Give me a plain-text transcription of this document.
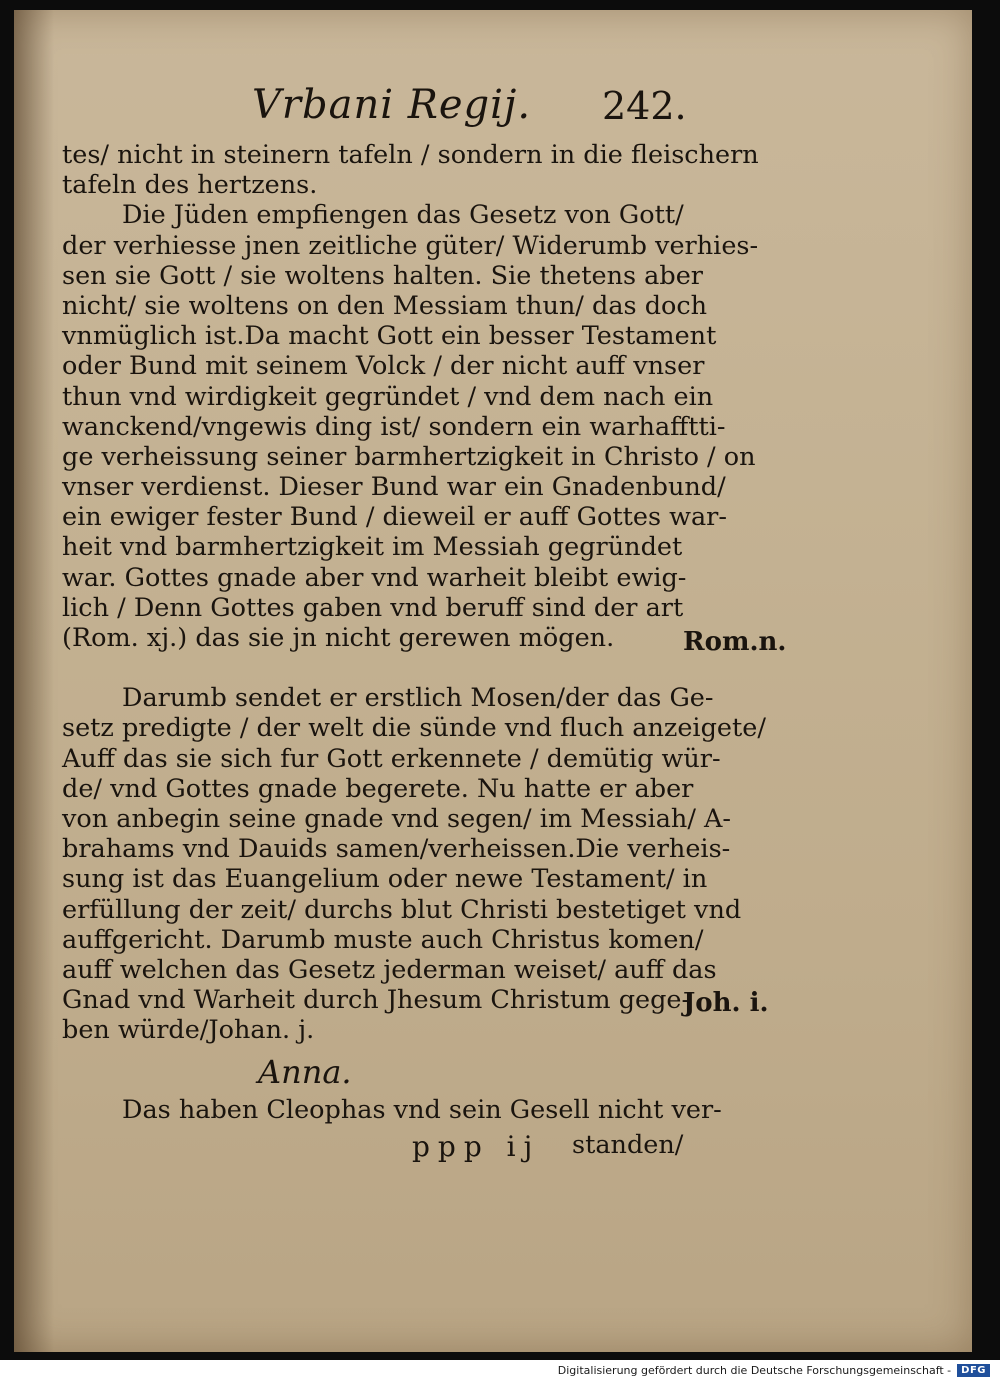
Vrbani Regij. 242.
tes/ nicht in steinern tafeln / sondern in die fleischern
tafeln des hertzens.
Die Jüden empfiengen das Gesetz von Gott/
der verhiesse jnen zeitliche güter/ Widerumb verhies-
sen sie Gott / sie woltens halten. Sie thetens aber
nicht/ sie woltens on den Messiam thun/ das doch
vnmüglich ist.Da macht Gott ein besser Testament
oder Bund mit seinem Volck / der nicht auff vnser
thun vnd wirdigkeit gegründet / vnd dem nach ein
wanckend/vngewis ding ist/ sondern ein warhafftti-
ge verheissung seiner barmhertzigkeit in Christo / on
vnser verdienst. Dieser Bund war ein Gnadenbund/
ein ewiger fester Bund / dieweil er auff Gottes war-
heit vnd barmhertzigkeit im Messiah gegründet
war. Gottes gnade aber vnd warheit bleibt ewig-
lich / Denn Gottes gaben vnd beruff sind der art
(Rom. xj.) das sie jn nicht gerewen mögen.
Darumb sendet er erstlich Mosen/der das Ge-
setz predigte / der welt die sünde vnd fluch anzeigete/
Auff das sie sich fur Gott erkennete / demütig wür-
de/ vnd Gottes gnade begerete. Nu hatte er aber
von anbegin seine gnade vnd segen/ im Messiah/ A-
brahams vnd Dauids samen/verheissen.Die verheis-
sung ist das Euangelium oder newe Testament/ in
erfüllung der zeit/ durchs blut Christi bestetiget vnd
auffgericht. Darumb muste auch Christus komen/
auff welchen das Gesetz jederman weiset/ auff das
Gnad vnd Warheit durch Jhesum Christum gege-
ben würde/Johan. j.
Anna.
Das haben Cleophas vnd sein Gesell nicht ver-
ppp ij standen/
Rom.n.
Joh. i.
Digitalisierung gefördert durch die Deutsche Forschungsgemeinschaft -	DFG
